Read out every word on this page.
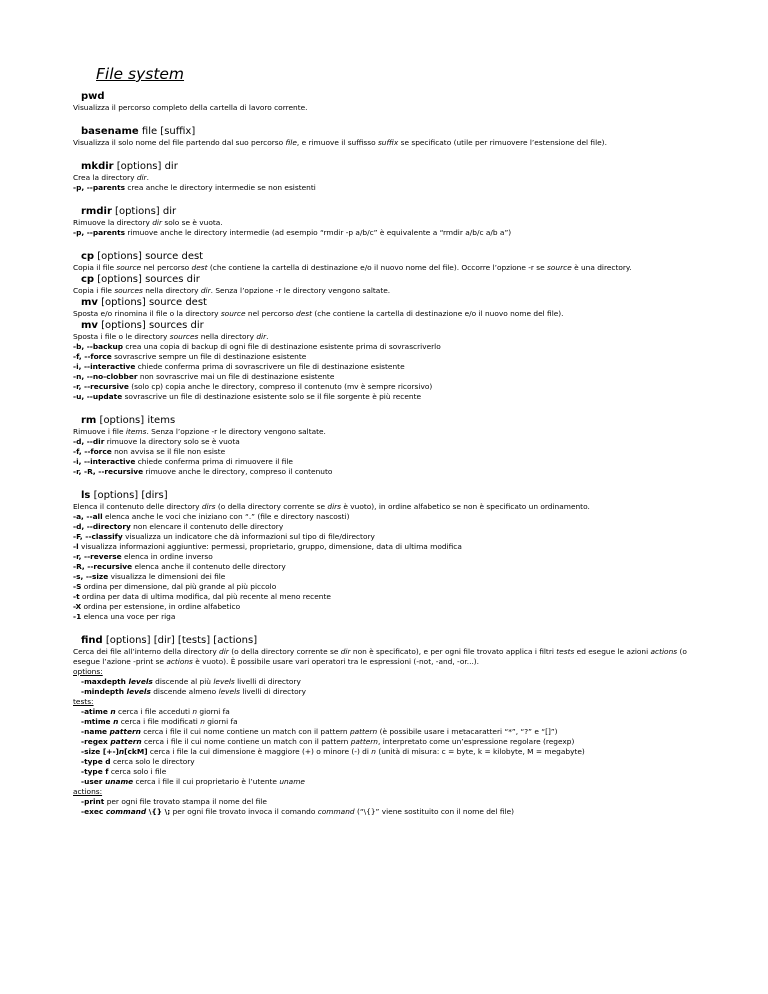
File system
pwd
Visualizza il percorso completo della cartella di lavoro corrente.
basename file [suffix]
Visualizza il solo nome del file partendo dal suo percorso file, e rimuove il suffisso suffix se specificato (utile per rimuovere l’estensione del file).
mkdir [options] dir
Crea la directory dir.
-p, --parents crea anche le directory intermedie se non esistenti
rmdir [options] dir
Rimuove la directory dir solo se è vuota.
-p, --parents rimuove anche le directory intermedie (ad esempio “rmdir -p a/b/c” è equivalente a “rmdir a/b/c a/b a”)
cp [options] source dest
Copia il file source nel percorso dest (che contiene la cartella di destinazione e/o il nuovo nome del file). Occorre l’opzione -r se source è una directory.
cp [options] sources dir
Copia i file sources nella directory dir. Senza l’opzione -r le directory vengono saltate.
mv [options] source dest
Sposta e/o rinomina il file o la directory source nel percorso dest (che contiene la cartella di destinazione e/o il nuovo nome del file).
mv [options] sources dir
Sposta i file o le directory sources nella directory dir.
-b, --backup crea una copia di backup di ogni file di destinazione esistente prima di sovrascriverlo
-f, --force sovrascrive sempre un file di destinazione esistente
-i, --interactive chiede conferma prima di sovrascrivere un file di destinazione esistente
-n, --no-clobber non sovrascrive mai un file di destinazione esistente
-r, --recursive (solo cp) copia anche le directory, compreso il contenuto (mv è sempre ricorsivo)
-u, --update sovrascrive un file di destinazione esistente solo se il file sorgente è più recente
rm [options] items
Rimuove i file items. Senza l’opzione -r le directory vengono saltate.
-d, --dir rimuove la directory solo se è vuota
-f, --force non avvisa se il file non esiste
-i, --interactive chiede conferma prima di rimuovere il file
-r, -R, --recursive rimuove anche le directory, compreso il contenuto
ls [options] [dirs]
Elenca il contenuto delle directory dirs (o della directory corrente se dirs è vuoto), in ordine alfabetico se non è specificato un ordinamento.
-a, --all elenca anche le voci che iniziano con “.” (file e directory nascosti)
-d, --directory non elencare il contenuto delle directory
-F, --classify visualizza un indicatore che dà informazioni sul tipo di file/directory
-l visualizza informazioni aggiuntive: permessi, proprietario, gruppo, dimensione, data di ultima modifica
-r, --reverse elenca in ordine inverso
-R, --recursive elenca anche il contenuto delle directory
-s, --size visualizza le dimensioni dei file
-S ordina per dimensione, dal più grande al più piccolo
-t ordina per data di ultima modifica, dal più recente al meno recente
-X ordina per estensione, in ordine alfabetico
-1 elenca una voce per riga
find [options] [dir] [tests] [actions]
Cerca dei file all’interno della directory dir (o della directory corrente se dir non è specificato), e per ogni file trovato applica i filtri tests ed esegue le azioni actions (o esegue l’azione -print se actions è vuoto). È possibile usare vari operatori tra le espressioni (-not, -and, -or...).
options:
-maxdepth levels discende al più levels livelli di directory
-mindepth levels discende almeno levels livelli di directory
tests:
-atime n cerca i file acceduti n giorni fa
-mtime n cerca i file modificati n giorni fa
-name pattern cerca i file il cui nome contiene un match con il pattern pattern (è possibile usare i metacaratteri “*”, “?” e “[]”)
-regex pattern cerca i file il cui nome contiene un match con il pattern pattern, interpretato come un’espressione regolare (regexp)
-size [+-]n[ckM] cerca i file la cui dimensione è maggiore (+) o minore (-) di n (unità di misura: c = byte, k = kilobyte, M = megabyte)
-type d cerca solo le directory
-type f cerca solo i file
-user uname cerca i file il cui proprietario è l’utente uname
actions:
-print per ogni file trovato stampa il nome del file
-exec command \{} \; per ogni file trovato invoca il comando command (“\{}” viene sostituito con il nome del file)
